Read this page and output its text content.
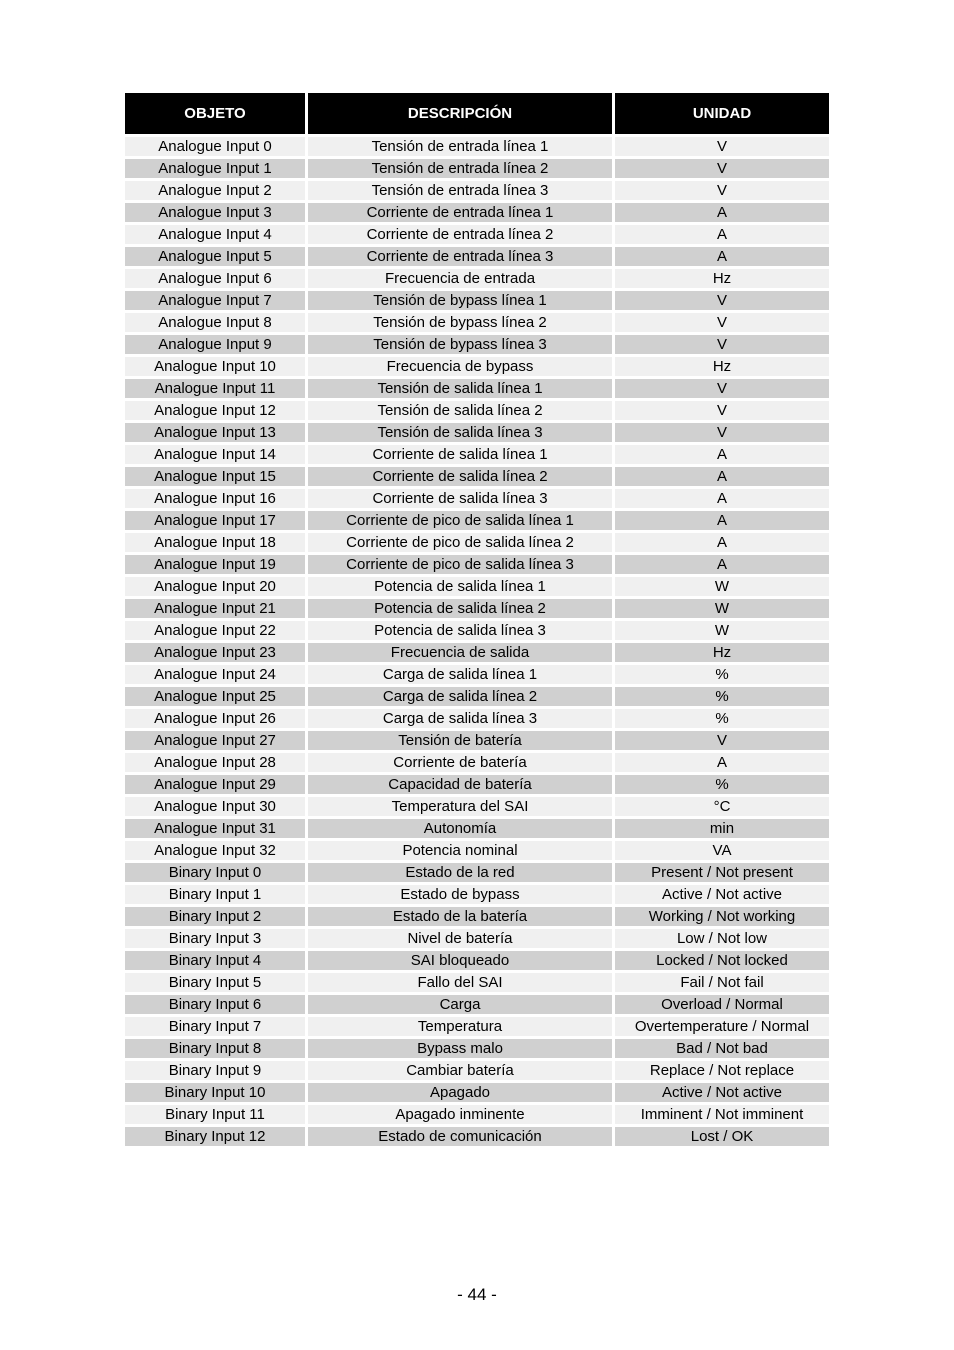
OBJETO	DESCRIPCIÓN	UNIDAD
Analogue Input 0	Tensión de entrada línea 1	V
Analogue Input 1	Tensión de entrada línea 2	V
Analogue Input 2	Tensión de entrada línea 3	V
Analogue Input 3	Corriente de entrada línea 1	A
Analogue Input 4	Corriente de entrada línea 2	A
Analogue Input 5	Corriente de entrada línea 3	A
Analogue Input 6	Frecuencia de entrada	Hz
Analogue Input 7	Tensión de bypass línea 1	V
Analogue Input 8	Tensión de bypass línea 2	V
Analogue Input 9	Tensión de bypass línea 3	V
Analogue Input 10	Frecuencia de bypass	Hz
Analogue Input 11	Tensión de salida línea 1	V
Analogue Input 12	Tensión de salida línea 2	V
Analogue Input 13	Tensión de salida línea 3	V
Analogue Input 14	Corriente de salida línea 1	A
Analogue Input 15	Corriente de salida línea 2	A
Analogue Input 16	Corriente de salida línea 3	A
Analogue Input 17	Corriente de pico de salida línea 1	A
Analogue Input 18	Corriente de pico de salida línea 2	A
Analogue Input 19	Corriente de pico de salida línea 3	A
Analogue Input 20	Potencia de salida línea 1	W
Analogue Input 21	Potencia de salida línea 2	W
Analogue Input 22	Potencia de salida línea 3	W
Analogue Input 23	Frecuencia de salida	Hz
Analogue Input 24	Carga de salida línea 1	%
Analogue Input 25	Carga de salida línea 2	%
Analogue Input 26	Carga de salida línea 3	%
Analogue Input 27	Tensión de batería	V
Analogue Input 28	Corriente de batería	A
Analogue Input 29	Capacidad de batería	%
Analogue Input 30	Temperatura del SAI	°C
Analogue Input 31	Autonomía	min
Analogue Input 32	Potencia nominal	VA
Binary Input 0	Estado de la red	Present / Not present
Binary Input 1	Estado de bypass	Active / Not active
Binary Input 2	Estado de la batería	Working / Not working
Binary Input 3	Nivel de batería	Low / Not low
Binary Input 4	SAI bloqueado	Locked / Not locked
Binary Input 5	Fallo del SAI	Fail / Not fail
Binary Input 6	Carga	Overload / Normal
Binary Input 7	Temperatura	Overtemperature / Normal
Binary Input 8	Bypass malo	Bad / Not bad
Binary Input 9	Cambiar batería	Replace / Not replace
Binary Input 10	Apagado	Active / Not active
Binary Input 11	Apagado inminente	Imminent / Not imminent
Binary Input 12	Estado de comunicación	Lost / OK
- 44 -
